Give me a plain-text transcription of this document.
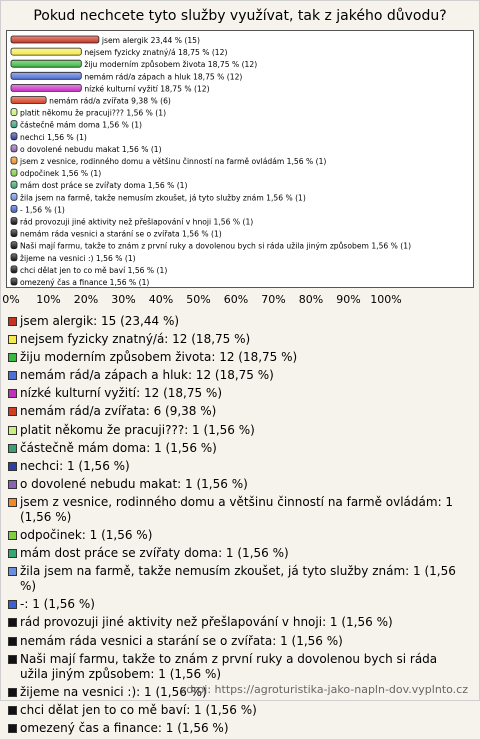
Pokud nechcete tyto služby využívat, tak z jakého důvodu?
jsem alergik 23,44 % (15)
nejsem fyzicky znatný/á 18,75 % (12)
žiju moderním způsobem života 18,75 % (12)
nemám rád/a zápach a hluk 18,75 % (12)
nízké kulturní vyžití 18,75 % (12)
nemám rád/a zvířata 9,38 % (6)
platit někomu že pracuji??? 1,56 % (1)
částečně mám doma 1,56 % (1)
nechci 1,56 % (1)
o dovolené nebudu makat 1,56 % (1)
jsem z vesnice, rodinného domu a většinu činností na farmě ovládám 1,56 % (1)
odpočinek 1,56 % (1)
mám dost práce se zvířaty doma 1,56 % (1)
žila jsem na farmě, takže nemusím zkoušet, já tyto služby znám 1,56 % (1)
- 1,56 % (1)
rád provozuji jiné aktivity než přešlapování v hnoji 1,56 % (1)
nemám ráda vesnici a starání se o zvířata 1,56 % (1)
Naši mají farmu, takže to znám z první ruky a dovolenou bych si ráda užila jiným způsobem 1,56 % (1)
žijeme na vesnici :) 1,56 % (1)
chci dělat jen to co mě baví 1,56 % (1)
omezený čas a finance 1,56 % (1)
0% 10% 20% 30% 40% 50% 60% 70% 80% 90% 100%
jsem alergik: 15 (23,44 %)
nejsem fyzicky znatný/á: 12 (18,75 %)
žiju moderním způsobem života: 12 (18,75 %)
nemám rád/a zápach a hluk: 12 (18,75 %)
nízké kulturní vyžití: 12 (18,75 %)
nemám rád/a zvířata: 6 (9,38 %)
platit někomu že pracuji???: 1 (1,56 %)
částečně mám doma: 1 (1,56 %)
nechci: 1 (1,56 %)
o dovolené nebudu makat: 1 (1,56 %)
jsem z vesnice, rodinného domu a většinu činností na farmě ovládám: 1 (1,56 %)
odpočinek: 1 (1,56 %)
mám dost práce se zvířaty doma: 1 (1,56 %)
žila jsem na farmě, takže nemusím zkoušet, já tyto služby znám: 1 (1,56 %)
-: 1 (1,56 %)
rád provozuji jiné aktivity než přešlapování v hnoji: 1 (1,56 %)
nemám ráda vesnici a starání se o zvířata: 1 (1,56 %)
Naši mají farmu, takže to znám z první ruky a dovolenou bych si ráda užila jiným způsobem: 1 (1,56 %)
žijeme na vesnici :): 1 (1,56 %)
chci dělat jen to co mě baví: 1 (1,56 %)
omezený čas a finance: 1 (1,56 %)
zdroj: https://agroturistika-jako-napln-dov.vyplnto.cz
